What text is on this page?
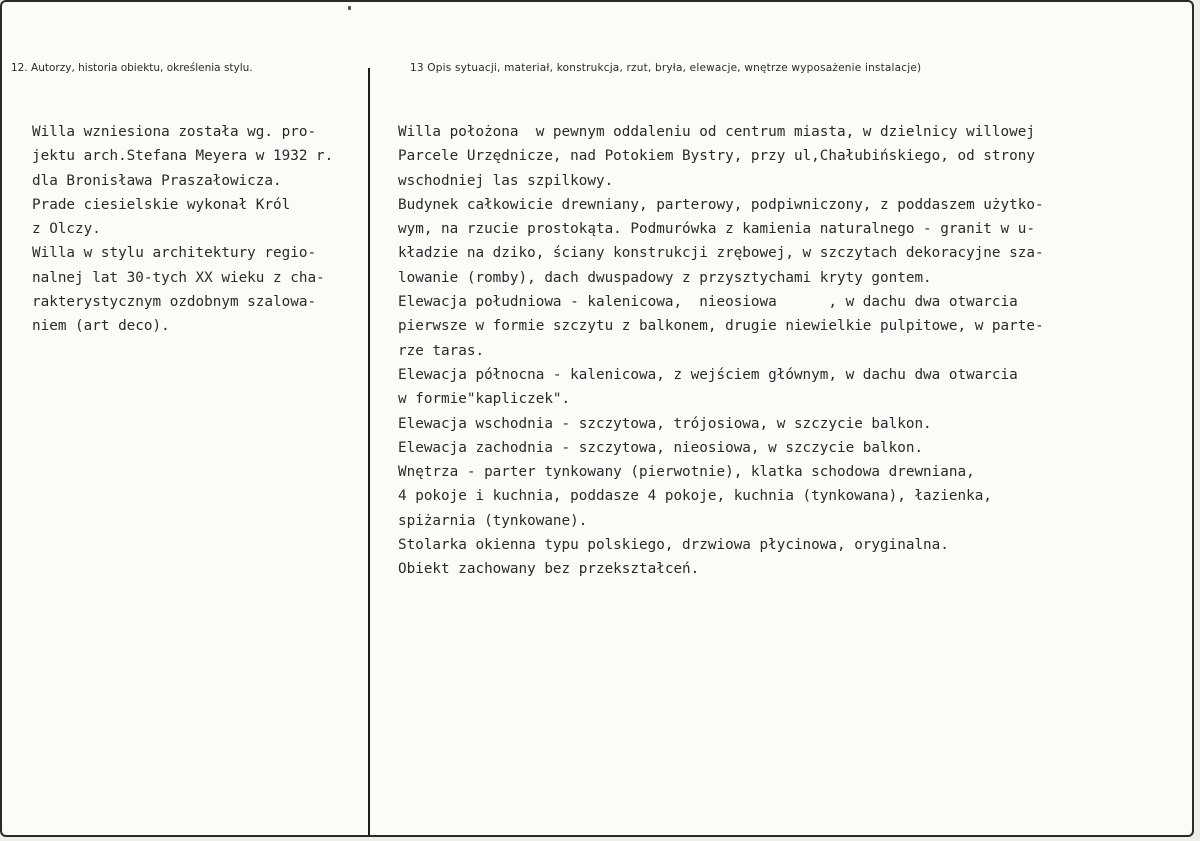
12. Autorzy, historia obiektu, określenia stylu.	13 Opis sytuacji, materiał, konstrukcja, rzut, bryła, elewacje, wnętrze wyposażenie instalacje)
Willa wzniesiona została wg. pro-
jektu arch.Stefana Meyera w 1932 r.
dla Bronisława Praszałowicza.
Prade ciesielskie wykonał Król
z Olczy.
Willa w stylu architektury regio-
nalnej lat 30-tych XX wieku z cha-
rakterystycznym ozdobnym szalowa-
niem (art deco).
Willa położona  w pewnym oddaleniu od centrum miasta, w dzielnicy willowej
Parcele Urzędnicze, nad Potokiem Bystry, przy ul,Chałubińskiego, od strony
wschodniej las szpilkowy.
Budynek całkowicie drewniany, parterowy, podpiwniczony, z poddaszem użytko-
wym, na rzucie prostokąta. Podmurówka z kamienia naturalnego - granit w u-
kładzie na dziko, ściany konstrukcji zrębowej, w szczytach dekoracyjne sza-
lowanie (romby), dach dwuspadowy z przysztychami kryty gontem.
Elewacja południowa - kalenicowa,  nieosiowa      , w dachu dwa otwarcia
pierwsze w formie szczytu z balkonem, drugie niewielkie pulpitowe, w parte-
rze taras.
Elewacja północna - kalenicowa, z wejściem głównym, w dachu dwa otwarcia
w formie"kapliczek".
Elewacja wschodnia - szczytowa, trójosiowa, w szczycie balkon.
Elewacja zachodnia - szczytowa, nieosiowa, w szczycie balkon.
Wnętrza - parter tynkowany (pierwotnie), klatka schodowa drewniana,
4 pokoje i kuchnia, poddasze 4 pokoje, kuchnia (tynkowana), łazienka,
spiżarnia (tynkowane).
Stolarka okienna typu polskiego, drzwiowa płycinowa, oryginalna.
Obiekt zachowany bez przekształceń.
